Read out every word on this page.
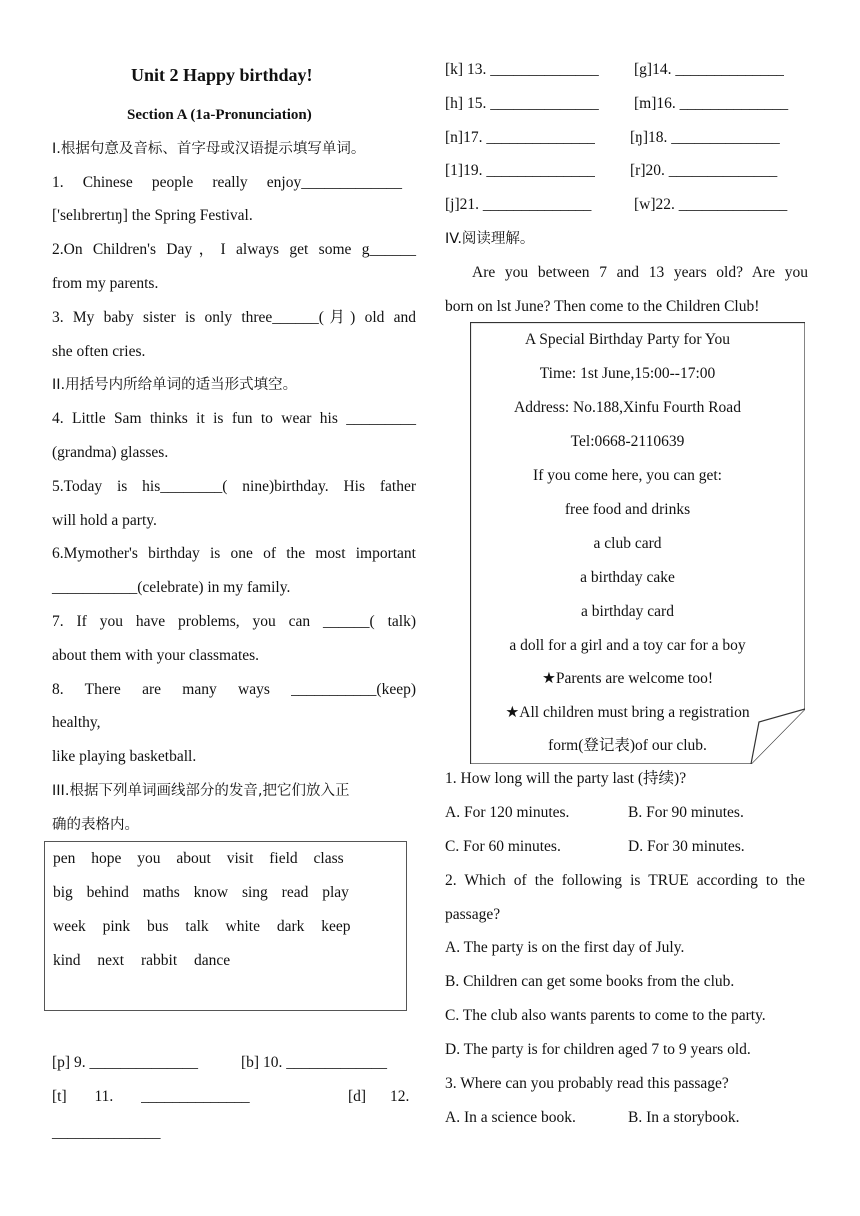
Unit 2 Happy birthday!
Section A (1a-Pronunciation)
I.根据句意及音标、首字母或汉语提示填写单词。
1. Chinese people really enjoy_____________
['selıbrertıŋ] the Spring Festival.
2.On Children's Day，I always get some g______
from my parents.
3. My baby sister is only three______(月) old and
she often cries.
II.用括号内所给单词的适当形式填空。
4. Little Sam thinks it is fun to wear his _________
(grandma) glasses.
5.Today is his________( nine)birthday. His father
will hold a party.
6.Mymother's birthday is one of the most important
___________(celebrate) in my family.
7. If you have problems, you can ______( talk)
about them with your classmates.
8. There are many ways ___________(keep)
healthy,
like playing basketball.
III.根据下列单词画线部分的发音,把它们放入正
确的表格内。
pen hope you about visit field class
big behind maths know sing read play
week pink bus talk white dark keep
kind next rabbit dance
[p] 9. ______________	[b] 10. _____________
[t] 11. ______________	[d] 12.
______________
[k] 13. ______________ [g]14. ______________
[h] 15. ______________ [m]16. ______________
[n]17. ______________ [ŋ]18. ______________
[1]19. ______________ [r]20. ______________
[j]21. ______________	[w]22. ______________
IV.阅读理解。
Are you between 7 and 13 years old? Are you
born on lst June? Then come to the Children Club!
A Special Birthday Party for You
Time: 1st June,15:00--17:00
Address: No.188,Xinfu Fourth Road
Tel:0668-2110639
If you come here, you can get:
free food and drinks
a club card
a birthday cake
a birthday card
a doll for a girl and a toy car for a boy
★Parents are welcome too!
★All children must bring a registration
form(登记表)of our club.
1. How long will the party last (持续)?
A. For 120 minutes.	B. For 90 minutes.
C. For 60 minutes.	D. For 30 minutes.
2. Which of the following is TRUE according to the
passage?
A. The party is on the first day of July.
B. Children can get some books from the club.
C. The club also wants parents to come to the party.
D. The party is for children aged 7 to 9 years old.
3. Where can you probably read this passage?
A. In a science book.	B. In a storybook.
